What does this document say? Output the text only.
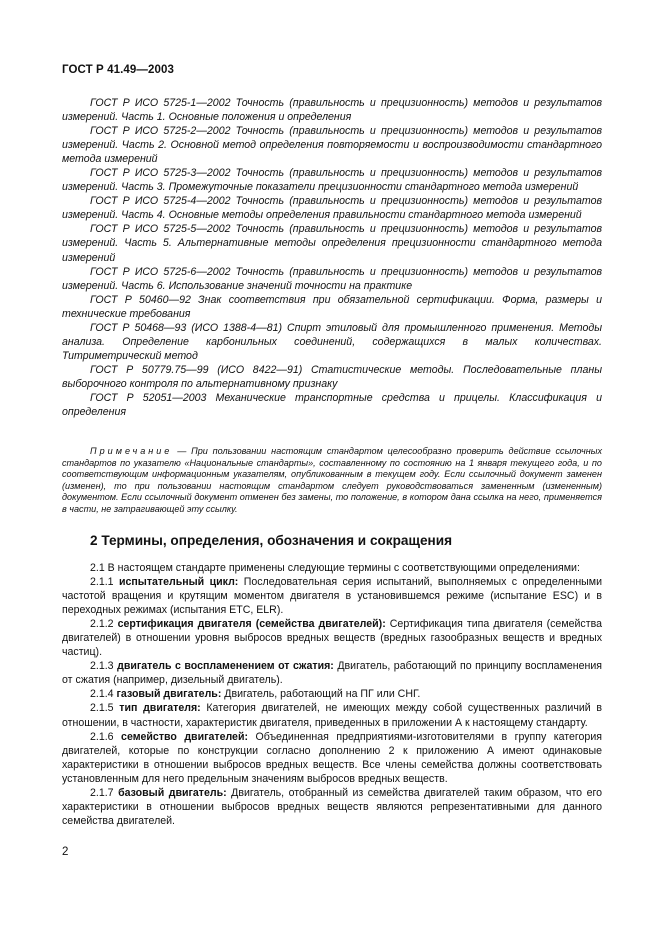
ГОСТ Р 41.49—2003

ГОСТ Р ИСО 5725-1—2002 Точность (правильность и прецизионность) методов и результатов измерений. Часть 1. Основные положения и определения

ГОСТ Р ИСО 5725-2—2002 Точность (правильность и прецизионность) методов и результатов измерений. Часть 2. Основной метод определения повторяемости и воспроизводимости стандартного метода измерений

ГОСТ Р ИСО 5725-3—2002 Точность (правильность и прецизионность) методов и результатов измерений. Часть 3. Промежуточные показатели прецизионности стандартного метода измерений

ГОСТ Р ИСО 5725-4—2002 Точность (правильность и прецизионность) методов и результатов измерений. Часть 4. Основные методы определения правильности стандартного метода измерений

ГОСТ Р ИСО 5725-5—2002 Точность (правильность и прецизионность) методов и результатов измерений. Часть 5. Альтернативные методы определения прецизионности стандартного метода измерений

ГОСТ Р ИСО 5725-6—2002 Точность (правильность и прецизионность) методов и результатов измерений. Часть 6. Использование значений точности на практике

ГОСТ Р 50460—92 Знак соответствия при обязательной сертификации. Форма, размеры и технические требования

ГОСТ Р 50468—93 (ИСО 1388-4—81) Спирт этиловый для промышленного применения. Методы анализа. Определение карбонильных соединений, содержащихся в малых количествах. Титриметрический метод

ГОСТ Р 50779.75—99 (ИСО 8422—91) Статистические методы. Последовательные планы выборочного контроля по альтернативному признаку

ГОСТ Р 52051—2003 Механические транспортные средства и прицелы. Классификация и определения

Примечание — При пользовании настоящим стандартом целесообразно проверить действие ссылочных стандартов по указателю «Национальные стандарты», составленному по состоянию на 1 января текущего года, и по соответствующим информационным указателям, опубликованным в текущем году. Если ссылочный документ заменен (изменен), то при пользовании настоящим стандартом следует руководствоваться замененным (измененным) документом. Если ссылочный документ отменен без замены, то положение, в котором дана ссылка на него, применяется в части, не затрагивающей эту ссылку.

2 Термины, определения, обозначения и сокращения

2.1 В настоящем стандарте применены следующие термины с соответствующими определениями:

2.1.1 испытательный цикл: Последовательная серия испытаний, выполняемых с определенными частотой вращения и крутящим моментом двигателя в установившемся режиме (испытание ESC) и в переходных режимах (испытания ETC, ELR).

2.1.2 сертификация двигателя (семейства двигателей): Сертификация типа двигателя (семейства двигателей) в отношении уровня выбросов вредных веществ (вредных газообразных веществ и вредных частиц).

2.1.3 двигатель с воспламенением от сжатия: Двигатель, работающий по принципу воспламенения от сжатия (например, дизельный двигатель).

2.1.4 газовый двигатель: Двигатель, работающий на ПГ или СНГ.

2.1.5 тип двигателя: Категория двигателей, не имеющих между собой существенных различий в отношении, в частности, характеристик двигателя, приведенных в приложении А к настоящему стандарту.

2.1.6 семейство двигателей: Объединенная предприятиями-изготовителями в группу категория двигателей, которые по конструкции согласно дополнению 2 к приложению А имеют одинаковые характеристики в отношении выбросов вредных веществ. Все члены семейства должны соответствовать установленным для него предельным значениям выбросов вредных веществ.

2.1.7 базовый двигатель: Двигатель, отобранный из семейства двигателей таким образом, что его характеристики в отношении выбросов вредных веществ являются репрезентативными для данного семейства двигателей.

2
